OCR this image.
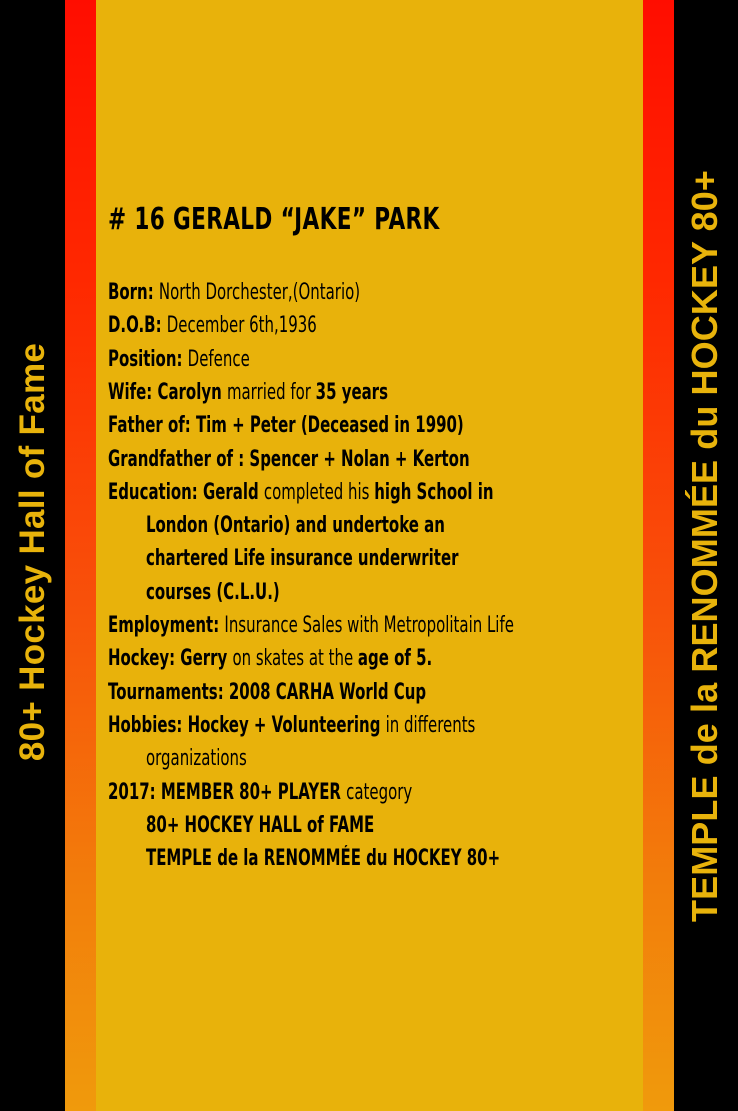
80+ Hockey Hall of Fame	TEMPLE de la RENOMMÉE du HOCKEY 80+
# 16 GERALD “JAKE” PARK
Born: North Dorchester,(Ontario)
D.O.B: December 6th,1936
Position: Defence
Wife: Carolyn married for 35 years
Father of: Tim + Peter (Deceased in 1990)
Grandfather of : Spencer + Nolan + Kerton
Education: Gerald completed his high School in
London (Ontario) and undertoke an
chartered Life insurance underwriter
courses (C.L.U.)
Employment: Insurance Sales with Metropolitain Life
Hockey: Gerry on skates at the age of 5.
Tournaments: 2008 CARHA World Cup
Hobbies: Hockey + Volunteering in differents
organizations
2017: MEMBER 80+ PLAYER category
80+ HOCKEY HALL of FAME
TEMPLE de la RENOMMÉE du HOCKEY 80+
